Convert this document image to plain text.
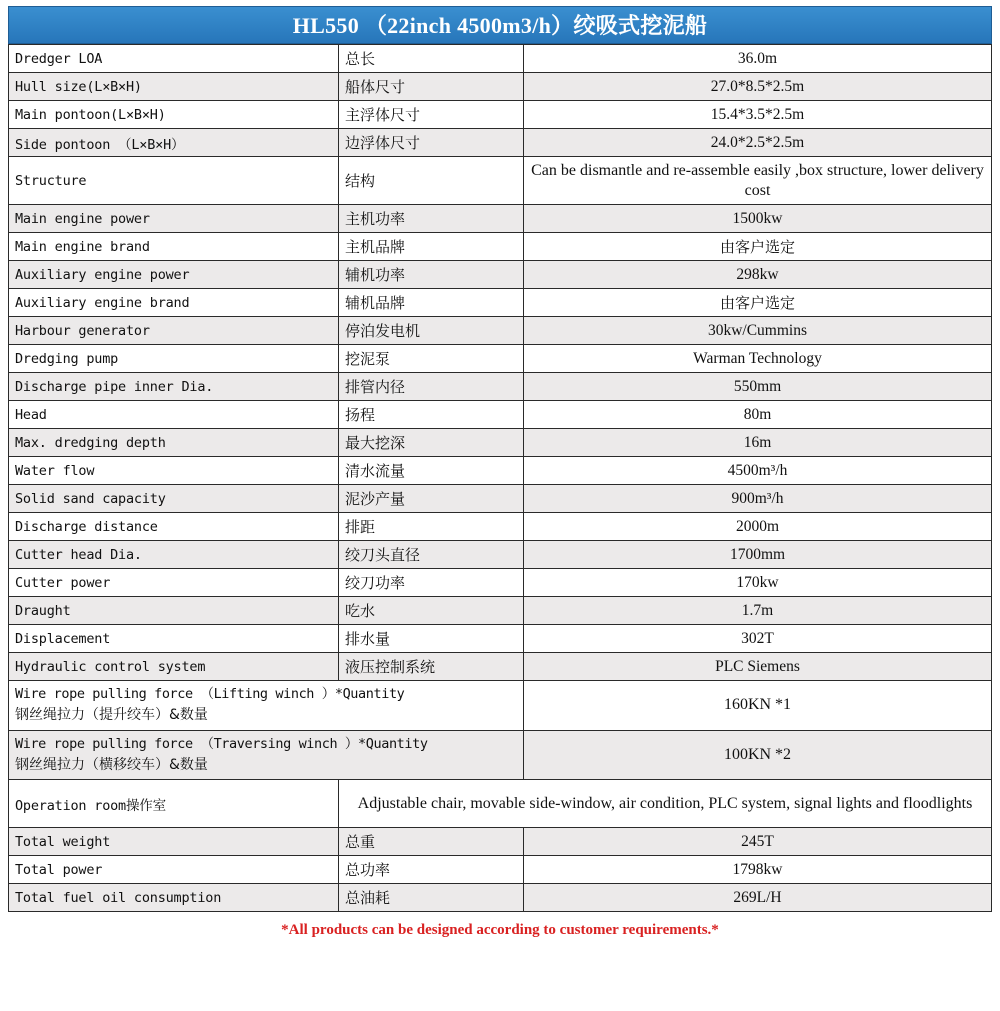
HL550 （22inch 4500m3/h）绞吸式挖泥船
Dredger LOA	总长	36.0m
Hull size(L×B×H)	船体尺寸	27.0*8.5*2.5m
Main pontoon(L×B×H)	主浮体尺寸	15.4*3.5*2.5m
Side pontoon （L×B×H）	边浮体尺寸	24.0*2.5*2.5m
Structure	结构	Can be dismantle and re-assemble easily ,box structure, lower delivery cost
Main engine power	主机功率	1500kw
Main engine brand	主机品牌	由客户选定
Auxiliary engine power	辅机功率	298kw
Auxiliary engine brand	辅机品牌	由客户选定
Harbour generator	停泊发电机	30kw/Cummins
Dredging pump	挖泥泵	Warman Technology
Discharge pipe inner Dia.	排管内径	550mm
Head	扬程	80m
Max. dredging depth	最大挖深	16m
Water flow	清水流量	4500m³/h
Solid sand capacity	泥沙产量	900m³/h
Discharge distance	排距	2000m
Cutter head Dia.	绞刀头直径	1700mm
Cutter power	绞刀功率	170kw
Draught	吃水	1.7m
Displacement	排水量	302T
Hydraulic control system	液压控制系统	PLC Siemens

Wire rope pulling force （Lifting winch ）*Quantity
钢丝绳拉力（提升绞车）&数量		160KN *1

Wire rope pulling force （Traversing winch ）*Quantity
钢丝绳拉力（横移绞车）&数量		100KN *2
Operation room操作室	Adjustable chair, movable side-window, air condition, PLC system, signal lights and floodlights	
Total weight	总重	245T
Total power	总功率	1798kw
Total fuel oil consumption	总油耗	269L/H
*All products can be designed according to customer requirements.*
